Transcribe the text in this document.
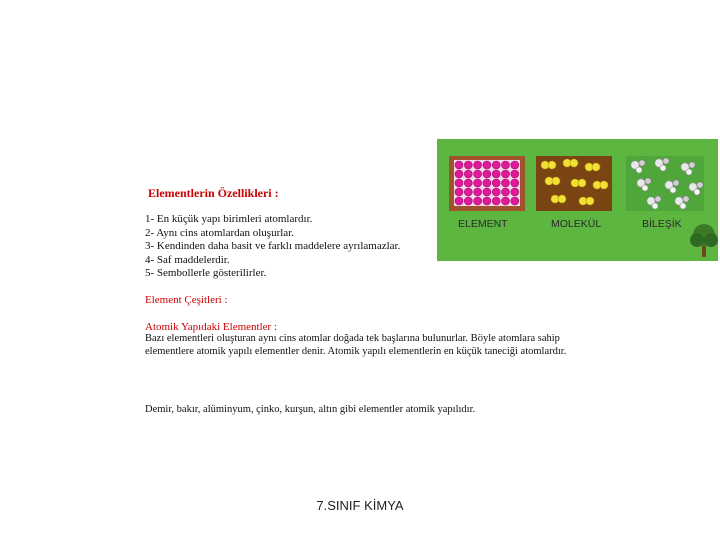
Elementlerin Özellikleri :
1- En küçük yapı birimleri atomlardır.
2- Aynı cins atomlardan oluşurlar.
3- Kendinden daha basit ve farklı maddelere ayrılamazlar.
4- Saf maddelerdir.
5- Sembollerle gösterilirler.
Element Çeşitleri :
Atomik Yapıdaki Elementler :
Bazı elementleri oluşturan aynı cins atomlar doğada tek başlarına bulunurlar. Böyle atomlara sahip elementlere atomik yapılı elementler denir. Atomik yapılı elementlerin en küçük taneciği atomlardır.
Demir, bakır, alüminyum, çinko, kurşun, altın gibi elementler atomik yapılıdır.
ELEMENT	MOLEKÜL	BİLEŞİK
7.SINIF KİMYA
